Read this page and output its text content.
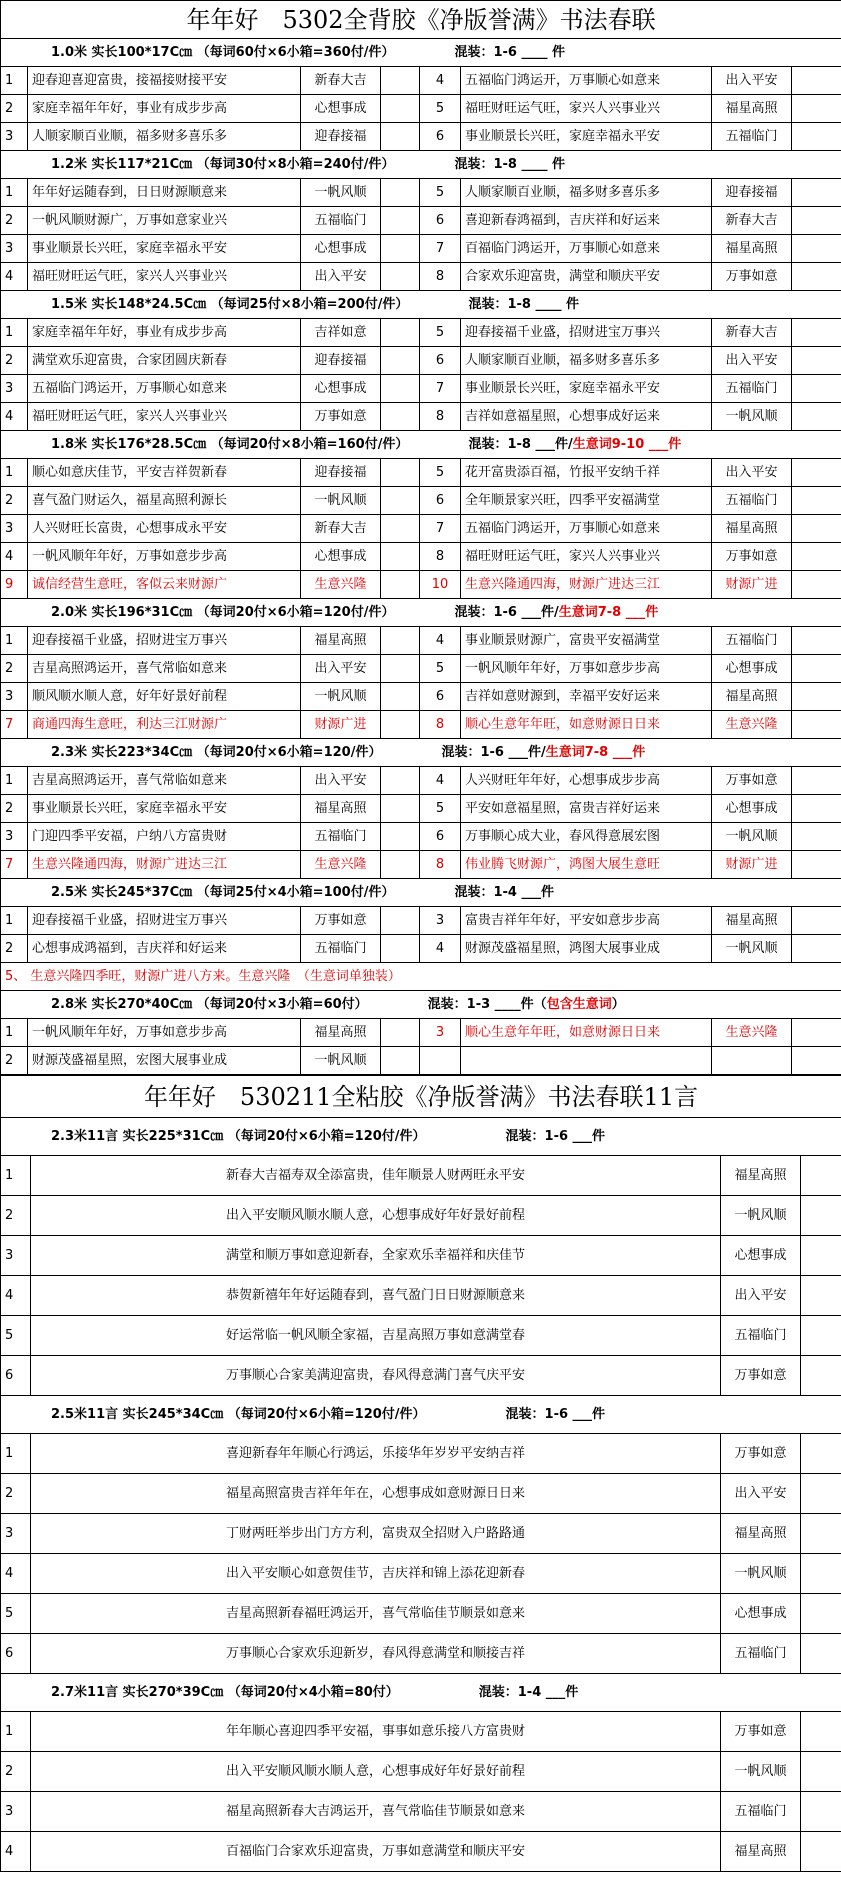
年年好　5302全背胶《净版誉满》书法春联							
1.0米 实长100*17C㎝ （每词60付×6小箱=360付/件） 混装：1-6 ____ 件							
1	迎春迎喜迎富贵，接福接财接平安	新春大吉		4	五福临门鸿运开，万事顺心如意来	出入平安	
2	家庭幸福年年好，事业有成步步高	心想事成		5	福旺财旺运气旺，家兴人兴事业兴	福星高照	
3	人顺家顺百业顺，福多财多喜乐多	迎春接福		6	事业顺景长兴旺，家庭幸福永平安	五福临门	
1.2米 实长117*21C㎝ （每词30付×8小箱=240付/件） 混装：1-8 ____ 件							
1	年年好运随春到，日日财源顺意来	一帆风顺		5	人顺家顺百业顺，福多财多喜乐多	迎春接福	
2	一帆风顺财源广，万事如意家业兴	五福临门		6	喜迎新春鸿福到，吉庆祥和好运来	新春大吉	
3	事业顺景长兴旺，家庭幸福永平安	心想事成		7	百福临门鸿运开，万事顺心如意来	福星高照	
4	福旺财旺运气旺，家兴人兴事业兴	出入平安		8	合家欢乐迎富贵，满堂和顺庆平安	万事如意	
1.5米 实长148*24.5C㎝ （每词25付×8小箱=200付/件） 混装：1-8 ____ 件							
1	家庭幸福年年好，事业有成步步高	吉祥如意		5	迎春接福千业盛，招财进宝万事兴	新春大吉	
2	满堂欢乐迎富贵，合家团圆庆新春	迎春接福		6	人顺家顺百业顺，福多财多喜乐多	出入平安	
3	五福临门鸿运开，万事顺心如意来	心想事成		7	事业顺景长兴旺，家庭幸福永平安	五福临门	
4	福旺财旺运气旺，家兴人兴事业兴	万事如意		8	吉祥如意福星照，心想事成好运来	一帆风顺	
1.8米 实长176*28.5C㎝ （每词20付×8小箱=160付/件） 混装：1-8 ___件/生意词9-10 ___件							
1	顺心如意庆佳节，平安吉祥贺新春	迎春接福		5	花开富贵添百福，竹报平安纳千祥	出入平安	
2	喜气盈门财运久，福星高照利源长	一帆风顺		6	全年顺景家兴旺，四季平安福满堂	五福临门	
3	人兴财旺长富贵，心想事成永平安	新春大吉		7	五福临门鸿运开，万事顺心如意来	福星高照	
4	一帆风顺年年好，万事如意步步高	心想事成		8	福旺财旺运气旺，家兴人兴事业兴	万事如意	
9	诚信经营生意旺，客似云来财源广	生意兴隆		10	生意兴隆通四海，财源广进达三江	财源广进	
2.0米 实长196*31C㎝ （每词20付×6小箱=120付/件） 混装：1-6 ___件/生意词7-8 ___件							
1	迎春接福千业盛，招财进宝万事兴	福星高照		4	事业顺景财源广，富贵平安福满堂	五福临门	
2	吉星高照鸿运开，喜气常临如意来	出入平安		5	一帆风顺年年好，万事如意步步高	心想事成	
3	顺风顺水顺人意，好年好景好前程	一帆风顺		6	吉祥如意财源到，幸福平安好运来	福星高照	
7	商通四海生意旺，利达三江财源广	财源广进		8	顺心生意年年旺，如意财源日日来	生意兴隆	
2.3米 实长223*34C㎝ （每词20付×6小箱=120/件） 混装：1-6 ___件/生意词7-8 ___件							
1	吉星高照鸿运开，喜气常临如意来	出入平安		4	人兴财旺年年好，心想事成步步高	万事如意	
2	事业顺景长兴旺，家庭幸福永平安	福星高照		5	平安如意福星照，富贵吉祥好运来	心想事成	
3	门迎四季平安福，户纳八方富贵财	五福临门		6	万事顺心成大业，春风得意展宏图	一帆风顺	
7	生意兴隆通四海，财源广进达三江	生意兴隆		8	伟业腾飞财源广，鸿图大展生意旺	财源广进	
2.5米 实长245*37C㎝ （每词25付×4小箱=100付/件） 混装：1-4 ___件							
1	迎春接福千业盛，招财进宝万事兴	万事如意		3	富贵吉祥年年好，平安如意步步高	福星高照	
2	心想事成鸿福到，吉庆祥和好运来	五福临门		4	财源茂盛福星照，鸿图大展事业成	一帆风顺	
5、 生意兴隆四季旺，财源广进八方来。生意兴隆　（生意词单独装）							
2.8米 实长270*40C㎝ （每词20付×3小箱=60付） 混装：1-3 ____件（包含生意词）							
1	一帆风顺年年好，万事如意步步高	福星高照		3	顺心生意年年旺，如意财源日日来	生意兴隆	
2	财源茂盛福星照，宏图大展事业成	一帆风顺					
年年好　530211全粘胶《净版誉满》书法春联11言			
2.3米11言 实长225*31C㎝ （每词20付×6小箱=120付/件） 混装：1-6 ___件			
1	新春大吉福寿双全添富贵，佳年顺景人财两旺永平安	福星高照	
2	出入平安顺风顺水顺人意，心想事成好年好景好前程	一帆风顺	
3	满堂和顺万事如意迎新春，全家欢乐幸福祥和庆佳节	心想事成	
4	恭贺新禧年年好运随春到，喜气盈门日日财源顺意来	出入平安	
5	好运常临一帆风顺全家福，吉星高照万事如意满堂春	五福临门	
6	万事顺心合家美满迎富贵，春风得意满门喜气庆平安	万事如意	
2.5米11言 实长245*34C㎝ （每词20付×6小箱=120付/件） 混装：1-6 ___件			
1	喜迎新春年年顺心行鸿运，乐接华年岁岁平安纳吉祥	万事如意	
2	福星高照富贵吉祥年年在，心想事成如意财源日日来	出入平安	
3	丁财两旺举步出门方方利，富贵双全招财入户路路通	福星高照	
4	出入平安顺心如意贺佳节，吉庆祥和锦上添花迎新春	一帆风顺	
5	吉星高照新春福旺鸿运开，喜气常临佳节顺景如意来	心想事成	
6	万事顺心合家欢乐迎新岁，春风得意满堂和顺接吉祥	五福临门	
2.7米11言 实长270*39C㎝ （每词20付×4小箱=80付） 混装：1-4 ___件			
1	年年顺心喜迎四季平安福，事事如意乐接八方富贵财	万事如意	
2	出入平安顺风顺水顺人意，心想事成好年好景好前程	一帆风顺	
3	福星高照新春大吉鸿运开，喜气常临佳节顺景如意来	五福临门	
4	百福临门合家欢乐迎富贵，万事如意满堂和顺庆平安	福星高照	
